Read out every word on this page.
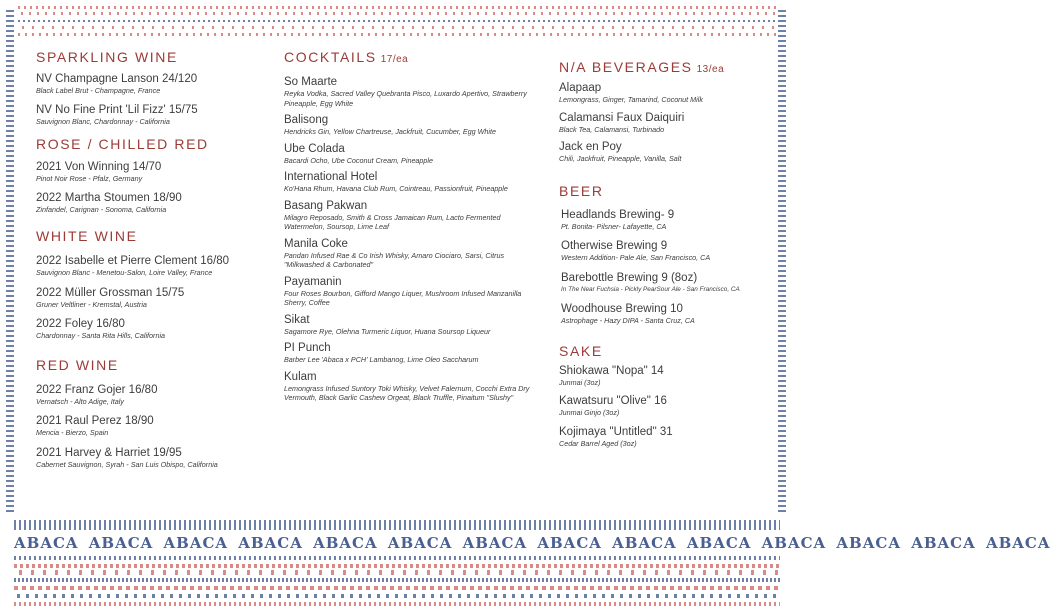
SPARKLING WINE
NV Champagne Lanson 24/120
Black Label Brut - Champagne, France
NV No Fine Print 'Lil Fizz' 15/75
Sauvignon Blanc, Chardonnay - California
ROSE / CHILLED RED
2021 Von Winning 14/70
Pinot Noir Rose - Pfalz, Germany
2022 Martha Stoumen 18/90
Zinfandel, Carignan - Sonoma, California
WHITE WINE
2022 Isabelle et Pierre Clement 16/80
Sauvignon Blanc - Menetou-Salon, Loire Valley, France
2022 Müller Grossman 15/75
Gruner Veltliner - Kremstal, Austria
2022 Foley 16/80
Chardonnay - Santa Rita Hills, California
RED WINE
2022 Franz Gojer 16/80
Vernatsch - Alto Adige, Italy
2021 Raul Perez 18/90
Mencia - Bierzo, Spain
2021 Harvey & Harriet 19/95
Cabernet Sauvignon, Syrah - San Luis Obispo, California
COCKTAILS 17/ea
So Maarte
Reyka Vodka, Sacred Valley Quebranta Pisco, Luxardo Apertivo, Strawberry Pineapple, Egg White
Balisong
Hendricks Gin, Yellow Chartreuse, Jackfruit, Cucumber, Egg White
Ube Colada
Bacardi Ocho, Ube Coconut Cream, Pineapple
International Hotel
Ko'Hana Rhum, Havana Club Rum, Cointreau, Passionfruit, Pineapple
Basang Pakwan
Milagro Reposado, Smith & Cross Jamaican Rum, Lacto Fermented Watermelon, Soursop, Lime Leaf
Manila Coke
Pandan Infused Rae & Co Irish Whisky, Amaro Ciociaro, Sarsi, Citrus "Milkwashed & Carbonated"
Payamanin
Four Roses Bourbon, Gifford Mango Liquer, Mushroom Infused Manzanilla Sherry, Coffee
Sikat
Sagamore Rye, Olehna Turmeric Liquor, Huana Soursop Liqueur
PI Punch
Barber Lee 'Abaca x PCH' Lambanog, Lime Oleo Saccharum
Kulam
Lemongrass Infused Suntory Toki Whisky, Velvet Falernum, Cocchi Extra Dry Vermouth, Black Garlic Cashew Orgeat, Black Truffle, Pinaitum "Slushy"
N/A BEVERAGES 13/ea
Alapaap
Lemongrass, Ginger, Tamarind, Coconut Milk
Calamansi Faux Daiquiri
Black Tea, Calamansi, Turbinado
Jack en Poy
Chili, Jackfruit, Pineapple, Vanilla, Salt
BEER
Headlands Brewing- 9
Pt. Bonita- Pilsner- Lafayette, CA
Otherwise Brewing 9
Western Addition- Pale Ale, San Francisco, CA
Barebottle Brewing 9 (8oz)
In The Near Fuchsia - Pickly PearSour Ale - San Francisco, CA
Woodhouse Brewing 10
Astrophage - Hazy DIPA - Santa Cruz, CA
SAKE
Shiokawa "Nopa" 14
Junmai (3oz)
Kawatsuru "Olive" 16
Junmai Ginjo (3oz)
Kojimaya "Untitled" 31
Cedar Barrel Aged (3oz)
ABACA ABACA ABACA ABACA ABACA ABACA ABACA ABACA ABACA ABACA ABACA ABACA ABACA ABACA
